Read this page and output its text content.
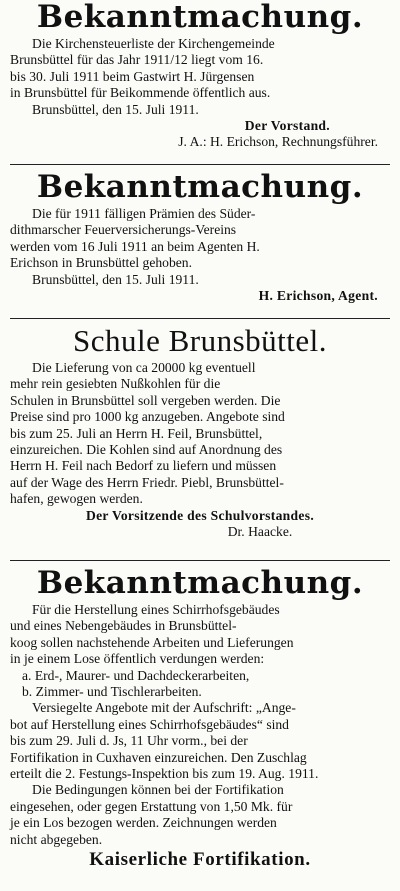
Bekanntmachung.
Die Kirchensteuerliste der Kirchengemeinde
Brunsbüttel für das Jahr 1911/12 liegt vom 16.
bis 30. Juli 1911 beim Gastwirt H. Jürgensen
in Brunsbüttel für Beikommende öffentlich aus.
Brunsbüttel, den 15. Juli 1911.
Der Vorstand.
J. A.: H. Erichson, Rechnungsführer.
Bekanntmachung.
Die für 1911 fälligen Prämien des Süder-
dithmarscher Feuerversicherungs-Vereins
werden vom 16 Juli 1911 an beim Agenten H.
Erichson in Brunsbüttel gehoben.
Brunsbüttel, den 15. Juli 1911.
H. Erichson, Agent.
Schule Brunsbüttel.
Die Lieferung von ca 20000 kg eventuell
mehr rein gesiebten Nußkohlen für die
Schulen in Brunsbüttel soll vergeben werden. Die
Preise sind pro 1000 kg anzugeben. Angebote sind
bis zum 25. Juli an Herrn H. Feil, Brunsbüttel,
einzureichen. Die Kohlen sind auf Anordnung des
Herrn H. Feil nach Bedorf zu liefern und müssen
auf der Wage des Herrn Friedr. Piebl, Brunsbüttel-
hafen, gewogen werden.
Der Vorsitzende des Schulvorstandes.
Dr. Haacke.
Bekanntmachung.
Für die Herstellung eines Schirrhofsgebäudes
und eines Nebengebäudes in Brunsbüttel-
koog sollen nachstehende Arbeiten und Lieferungen
in je einem Lose öffentlich verdungen werden:
a. Erd-, Maurer- und Dachdeckerarbeiten,
b. Zimmer- und Tischlerarbeiten.
Versiegelte Angebote mit der Aufschrift: „Ange-
bot auf Herstellung eines Schirrhofsgebäudes“ sind
bis zum 29. Juli d. Js, 11 Uhr vorm., bei der
Fortifikation in Cuxhaven einzureichen. Den Zuschlag
erteilt die 2. Festungs-Inspektion bis zum 19. Aug. 1911.
Die Bedingungen können bei der Fortifikation
eingesehen, oder gegen Erstattung von 1,50 Mk. für
je ein Los bezogen werden. Zeichnungen werden
nicht abgegeben.
Kaiserliche Fortifikation.
